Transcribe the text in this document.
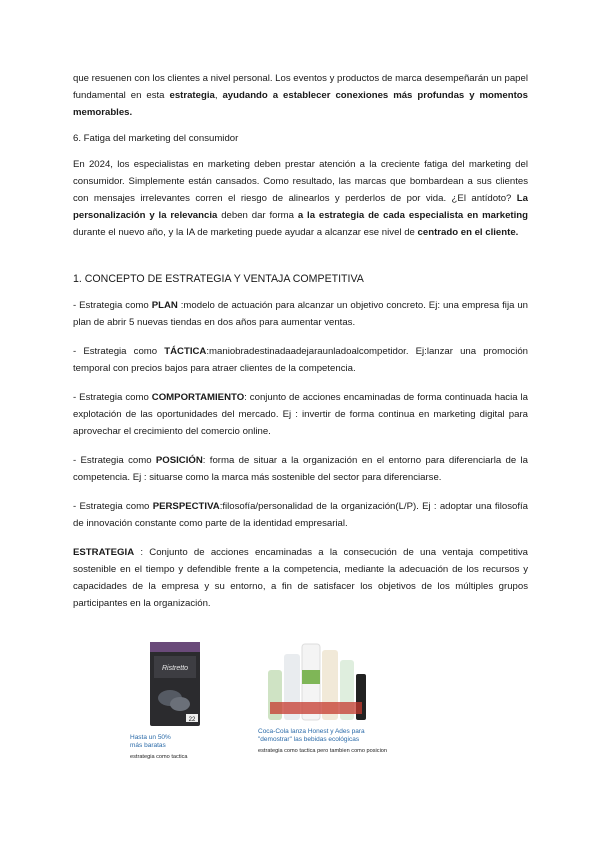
que resuenen con los clientes a nivel personal. Los eventos y productos de marca desempeñarán un papel fundamental en esta estrategia, ayudando a establecer conexiones más profundas y momentos memorables.

6. Fatiga del marketing del consumidor

En 2024, los especialistas en marketing deben prestar atención a la creciente fatiga del marketing del consumidor. Simplemente están cansados. Como resultado, las marcas que bombardean a sus clientes con mensajes irrelevantes corren el riesgo de alinearlos y perderlos de por vida. ¿El antídoto? La personalización y la relevancia deben dar forma a la estrategia de cada especialista en marketing durante el nuevo año, y la IA de marketing puede ayudar a alcanzar ese nivel de centrado en el cliente.

1. CONCEPTO DE ESTRATEGIA Y VENTAJA COMPETITIVA

- Estrategia como PLAN :modelo de actuación para alcanzar un objetivo concreto. Ej: una empresa fija un plan de abrir 5 nuevas tiendas en dos años para aumentar ventas.

- Estrategia como TÁCTICA:maniobradestinadaadejaraunladoalcompetidor. Ej:lanzar una promoción temporal con precios bajos para atraer clientes de la competencia.

- Estrategia como COMPORTAMIENTO: conjunto de acciones encaminadas de forma continuada hacia la explotación de las oportunidades del mercado. Ej : invertir de forma continua en marketing digital para aprovechar el crecimiento del comercio online.

- Estrategia como POSICIÓN: forma de situar a la organización en el entorno para diferenciarla de la competencia. Ej : situarse como la marca más sostenible del sector para diferenciarse.

- Estrategia como PERSPECTIVA:filosofía/personalidad de la organización(L/P). Ej : adoptar una filosofía de innovación constante como parte de la identidad empresarial.

ESTRATEGIA : Conjunto de acciones encaminadas a la consecución de una ventaja competitiva sostenible en el tiempo y defendible frente a la competencia, mediante la adecuación de los recursos y capacidades de la empresa y su entorno, a fin de satisfacer los objetivos de los múltiples grupos participantes en la organización.

Ristretto
22
Hasta un 50%
más baratas
estrategia como tactica
Coca-Cola lanza Honest y Ades para
"demostrar" las bebidas ecológicas
estrategia como tactica pero tambien como posicion
